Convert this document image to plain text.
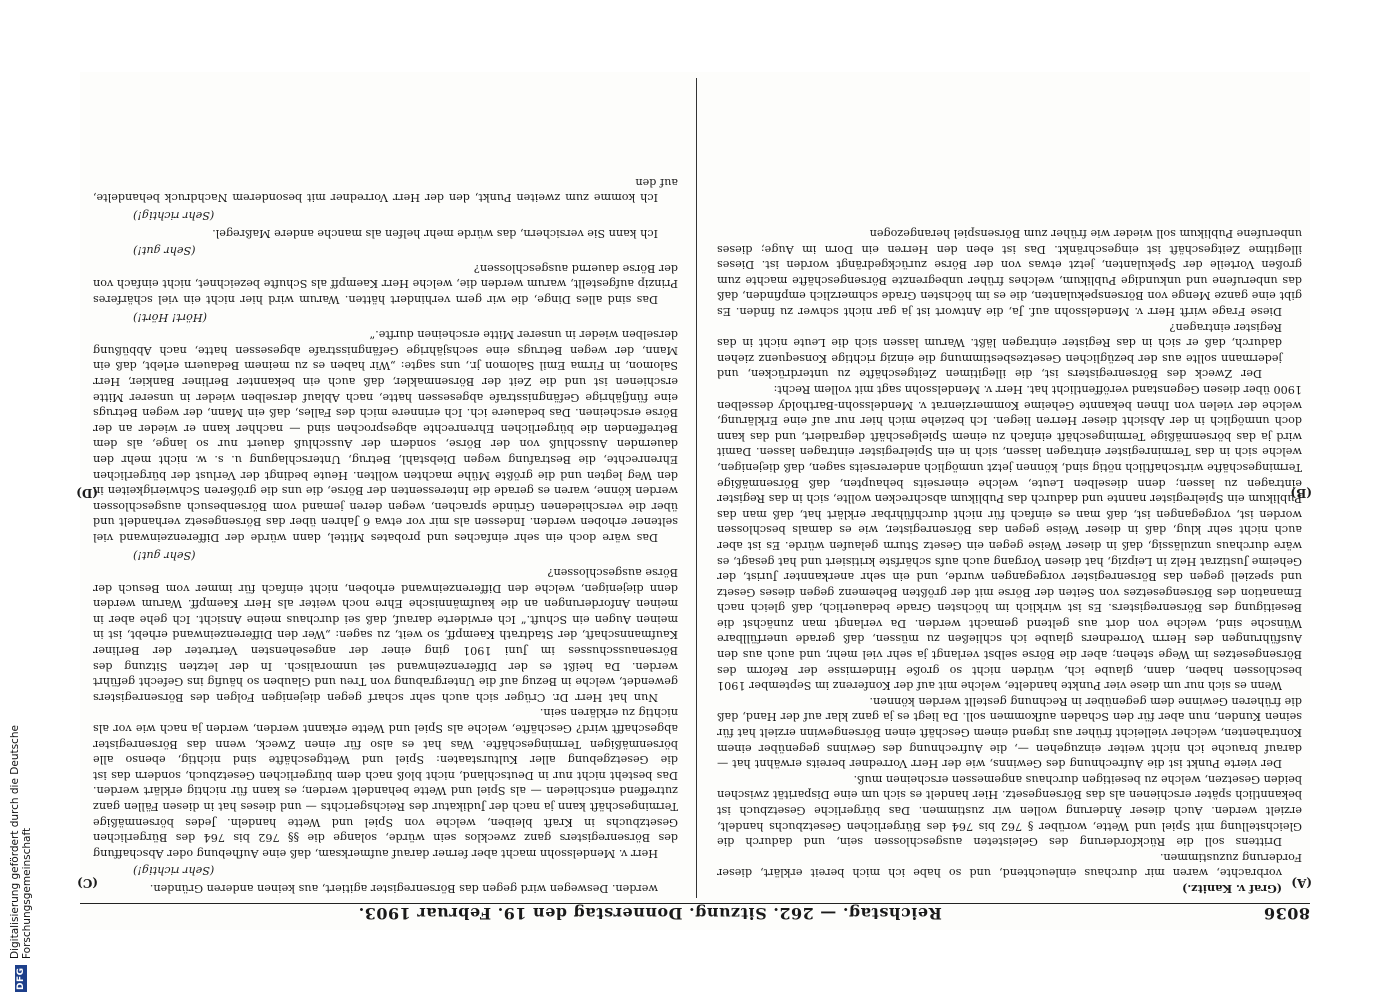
8036
Reichstag. — 262. Sitzung. Donnerstag den 19. Februar 1903.
(A)
(B)
(C)
(D)

(Graf v. Kanitz.)

vorbrachte, waren mir durchaus einleuchtend, und so habe ich mich bereit erklärt, dieser Forderung zuzustimmen.

Drittens soll die Rückforderung des Geleisteten ausgeschlossen sein, und dadurch die Gleichstellung mit Spiel und Wette, worüber § 762 bis 764 des Bürgerlichen Gesetzbuchs handelt, erzielt werden. Auch dieser Änderung wollen wir zustimmen. Das bürgerliche Gesetzbuch ist bekanntlich später erschienen als das Börsengesetz. Hier handelt es sich um eine Disparität zwischen beiden Gesetzen, welche zu beseitigen durchaus angemessen erscheinen muß.

Der vierte Punkt ist die Aufrechnung des Gewinns, wie der Herr Vorredner bereits erwähnt hat — darauf brauche ich nicht weiter einzugehen —, die Aufrechnung des Gewinns gegenüber einem Kontrahenten, welcher vielleicht früher aus irgend einem Geschäft einen Börsengewinn erzielt hat für seinen Kunden, nun aber für den Schaden aufkommen soll. Da liegt es ja ganz klar auf der Hand, daß die früheren Gewinne dem gegenüber in Rechnung gestellt werden können.

Wenn es sich nur um diese vier Punkte handelte, welche mit auf der Konferenz im September 1901 beschlossen haben, dann, glaube ich, würden nicht so große Hindernisse der Reform des Börsengesetzes im Wege stehen; aber die Börse selbst verlangt ja sehr viel mehr, und auch aus den Ausführungen des Herrn Vorredners glaube ich schließen zu müssen, daß gerade unerfüllbare Wünsche sind, welche von dort aus geltend gemacht werden. Da verlangt man zunächst die Beseitigung des Börsenregisters. Es ist wirklich im höchsten Grade bedauerlich, daß gleich nach Emanation des Börsengesetzes von Seiten der Börse mit der größten Behemenz gegen dieses Gesetz und speziell gegen das Börsenregister vorgegangen wurde, und ein sehr anerkannter Jurist, der Geheime Justizrat Helz in Leipzig, hat diesen Vorgang auch aufs schärfste kritisiert und hat gesagt, es wäre durchaus unzulässig, daß in dieser Weise gegen ein Gesetz Sturm gelaufen würde. Es ist aber auch nicht sehr klug, daß in dieser Weise gegen das Börsenregister, wie es damals beschlossen worden ist, vorgegangen ist, daß man es einfach für nicht durchführbar erklärt hat, daß man das Publikum ein Spielregister nannte und dadurch das Publikum abschrecken wollte, sich in das Register eintragen zu lassen; denn dieselben Leute, welche einerseits behaupten, daß Börsenmäßige Termingeschäfte wirtschaftlich nötig sind, können jetzt unmöglich andererseits sagen, daß diejenigen, welche sich in das Terminregister eintragen lassen, sich in ein Spielregister eintragen lassen. Damit wird ja das börsenmäßige Termingeschäft einfach zu einem Spielgeschäft degradiert, und das kann doch unmöglich in der Absicht dieser Herren liegen. Ich beziehe mich hier nur auf eine Erklärung, welche der vielen von Ihnen bekannte Geheime Kommerzienrat v. Mendelssohn-Bartholdy desselben 1900 über diesen Gegenstand veröffentlicht hat. Herr v. Mendelssohn sagt mit vollem Recht:

Der Zweck des Börsenregisters ist, die illegitimen Zeitgeschäfte zu unterdrücken, und jedermann sollte aus der bezüglichen Gesetzesbestimmung die einzig richtige Konsequenz ziehen dadurch, daß er sich in das Register eintragen läßt. Warum lassen sich die Leute nicht in das Register eintragen?

Diese Frage wirft Herr v. Mendelssohn auf. Ja, die Antwort ist ja gar nicht schwer zu finden. Es gibt eine ganze Menge von Börsenspekulanten, die es im höchsten Grade schmerzlich empfinden, daß das unberufene und unkundige Publikum, welches früher unbegrenzte Börsengeschäfte machte zum großen Vorteile der Spekulanten, jetzt etwas von der Börse zurückgedrängt worden ist. Dieses illegitime Zeitgeschäft ist eingeschränkt. Das ist eben den Herren ein Dorn im Auge; dieses unberufene Publikum soll wieder wie früher zum Börsenspiel herangezogen

werden. Deswegen wird gegen das Börsenregister agitiert, aus keinen anderen Gründen.

(Sehr richtig!)

Herr v. Mendelssohn macht aber ferner darauf aufmerksam, daß eine Aufhebung oder Abschaffung des Börsenregisters ganz zwecklos sein würde, solange die §§ 762 bis 764 des Bürgerlichen Gesetzbuchs in Kraft bleiben, welche von Spiel und Wette handeln. Jedes börsenmäßige Termingeschäft kann ja nach der Judikatur des Reichsgerichts — und dieses hat in diesen Fällen ganz zutreffend entschieden — als Spiel und Wette behandelt werden; es kann für nichtig erklärt werden. Das besteht nicht nur in Deutschland, nicht bloß nach dem bürgerlichen Gesetzbuch, sondern das ist die Gesetzgebung aller Kulturstaaten: Spiel und Wettgeschäfte sind nichtig, ebenso alle börsenmäßigen Termingeschäfte. Was hat es also für einen Zweck, wenn das Börsenregister abgeschafft wird? Geschäfte, welche als Spiel und Wette erkannt werden, werden ja nach wie vor als nichtig zu erklären sein.

Nun hat Herr Dr. Crüger sich auch sehr scharf gegen diejenigen Folgen des Börsenregisters gewendet, welche in Bezug auf die Untergrabung von Treu und Glauben so häufig ins Gefecht geführt werden. Da heißt es der Differenzeinwand sei unmoralisch. In der letzten Sitzung des Börsenausschusses im Juni 1901 ging einer der angesehensten Vertreter der Berliner Kaufmannschaft, der Stadtrath Kaempff, so weit, zu sagen: „Wer den Differenzeinwand erhebt, ist in meinen Augen ein Schuft.“ Ich erwiderte darauf, daß sei durchaus meine Ansicht. Ich gehe aber in meinen Anforderungen an die kaufmännische Ehre noch weiter als Herr Kaempff. Warum werden denn diejenigen, welche den Differenzeinwand erhoben, nicht einfach für immer vom Besuch der Börse ausgeschlossen?

(Sehr gut!)

Das wäre doch ein sehr einfaches und probates Mittel, dann würde der Differenzeinwand viel seltener erhoben werden. Indessen als mir vor etwa 6 Jahren über das Börsengesetz verhandelt und über die verschiedenen Gründe sprachen, wegen deren jemand vom Börsenbesuch ausgeschlossen werden könne, waren es gerade die Interessenten der Börse, die uns die größeren Schwierigkeiten in den Weg legten und die größte Mühe machten wollten. Heute bedingt der Verlust der bürgerlichen Ehrenrechte, die Bestrafung wegen Diebstahl, Betrug, Unterschlagung u. s. w. nicht mehr den dauernden Ausschluß von der Börse, sondern der Ausschluß dauert nur so lange, als dem Betreffenden die bürgerlichen Ehrenrechte abgesprochen sind — nachher kann er wieder an der Börse erscheinen. Das bedauere ich. Ich erinnere mich des Falles, daß ein Mann, der wegen Betrugs eine fünfjährige Gefängnisstrafe abgesessen hatte, nach Ablauf derselben wieder in unserer Mitte erschienen ist und die Zeit der Börsenmakler, daß auch ein bekannter Berliner Bankier, Herr Salomon, in Firma Emil Salomon jr., uns sagte: „Wir haben es zu meinem Bedauern erlebt, daß ein Mann, der wegen Betrugs eine sechsjährige Gefängnisstrafe abgesessen hatte, nach Abbüßung derselben wieder in unserer Mitte erscheinen durfte.“

(Hört! Hört!)

Das sind alles Dinge, die wir gern verhindert hätten. Warum wird hier nicht ein viel schärferes Prinzip aufgestellt, warum werden die, welche Herr Kaempff als Schufte bezeichnet, nicht einfach von der Börse dauernd ausgeschlossen?

(Sehr gut!)

Ich kann Sie versichern, das würde mehr helfen als manche andere Maßregel.

(Sehr richtig!)

Ich komme zum zweiten Punkt, den der Herr Vorredner mit besonderem Nachdruck behandelte, auf den

DFG
Digitalisierung gefördert durch die Deutsche Forschungsgemeinschaft
